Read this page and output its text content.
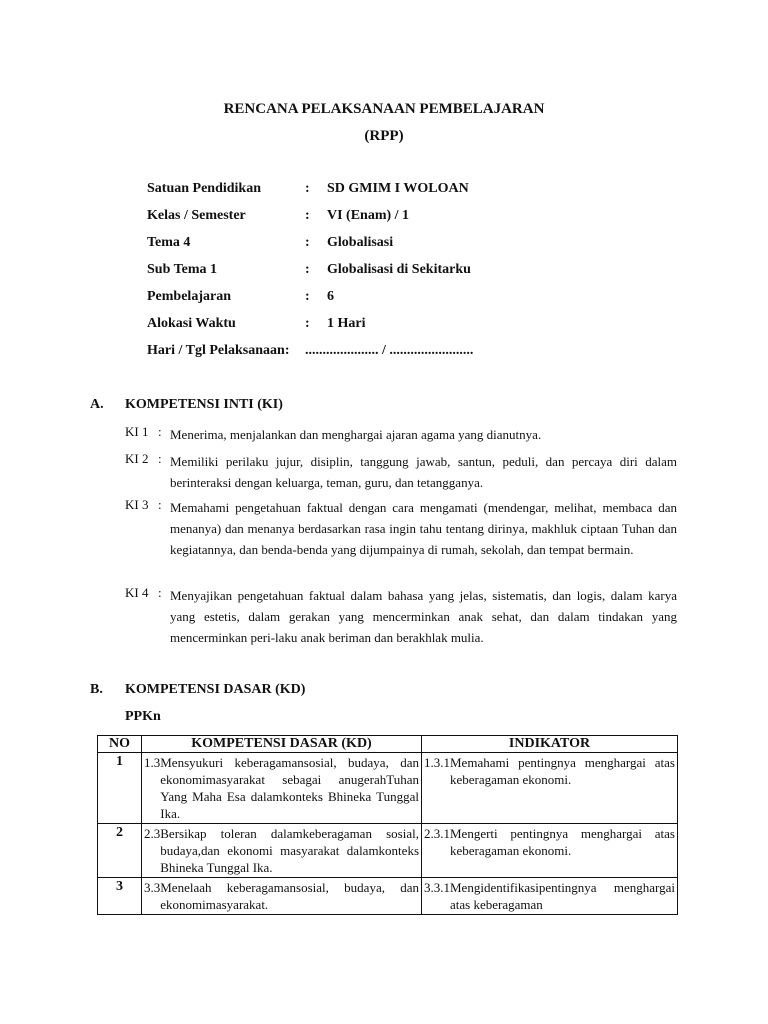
RENCANA PELAKSANAAN PEMBELAJARAN
(RPP)
Satuan Pendidikan	: SD GMIM I WOLOAN
Kelas / Semester	: VI (Enam) / 1
Tema 4	: Globalisasi
Sub Tema 1	: Globalisasi di Sekitarku
Pembelajaran	: 6
Alokasi Waktu	: 1 Hari
Hari / Tgl Pelaksanaan: ..................... / ........................
A. KOMPETENSI INTI (KI)
KI 1 : Menerima, menjalankan dan menghargai ajaran agama yang dianutnya.
KI 2 : Memiliki perilaku jujur, disiplin, tanggung jawab, santun, peduli, dan percaya diri dalam berinteraksi dengan keluarga, teman, guru, dan tetangganya.
KI 3 : Memahami pengetahuan faktual dengan cara mengamati (mendengar, melihat, membaca dan menanya) dan menanya berdasarkan rasa ingin tahu tentang dirinya, makhluk ciptaan Tuhan dan kegiatannya, dan benda-benda yang dijumpainya di rumah, sekolah, dan tempat bermain.
KI 4 : Menyajikan pengetahuan faktual dalam bahasa yang jelas, sistematis, dan logis, dalam karya yang estetis, dalam gerakan yang mencerminkan anak sehat, dan dalam tindakan yang mencerminkan peri-laku anak beriman dan berakhlak mulia.
B. KOMPETENSI DASAR (KD)
PPKn
NO	KOMPETENSI DASAR (KD)	INDIKATOR
1	1.3 Mensyukuri keberagamansosial, budaya, dan ekonomimasyarakat sebagai anugerahTuhan Yang Maha Esa dalamkonteks Bhineka Tunggal Ika.	1.3.1 Memahami pentingnya menghargai atas keberagaman ekonomi.

2	2.3 Bersikap toleran dalamkeberagaman sosial, budaya,dan ekonomi masyarakat dalamkonteks Bhineka Tunggal Ika.	2.3.1 Mengerti pentingnya menghargai atas keberagaman ekonomi.

3	3.3 Menelaah keberagamansosial, budaya, dan ekonomimasyarakat.	3.3.1 Mengidentifikasipentingnya menghargai atas keberagaman
